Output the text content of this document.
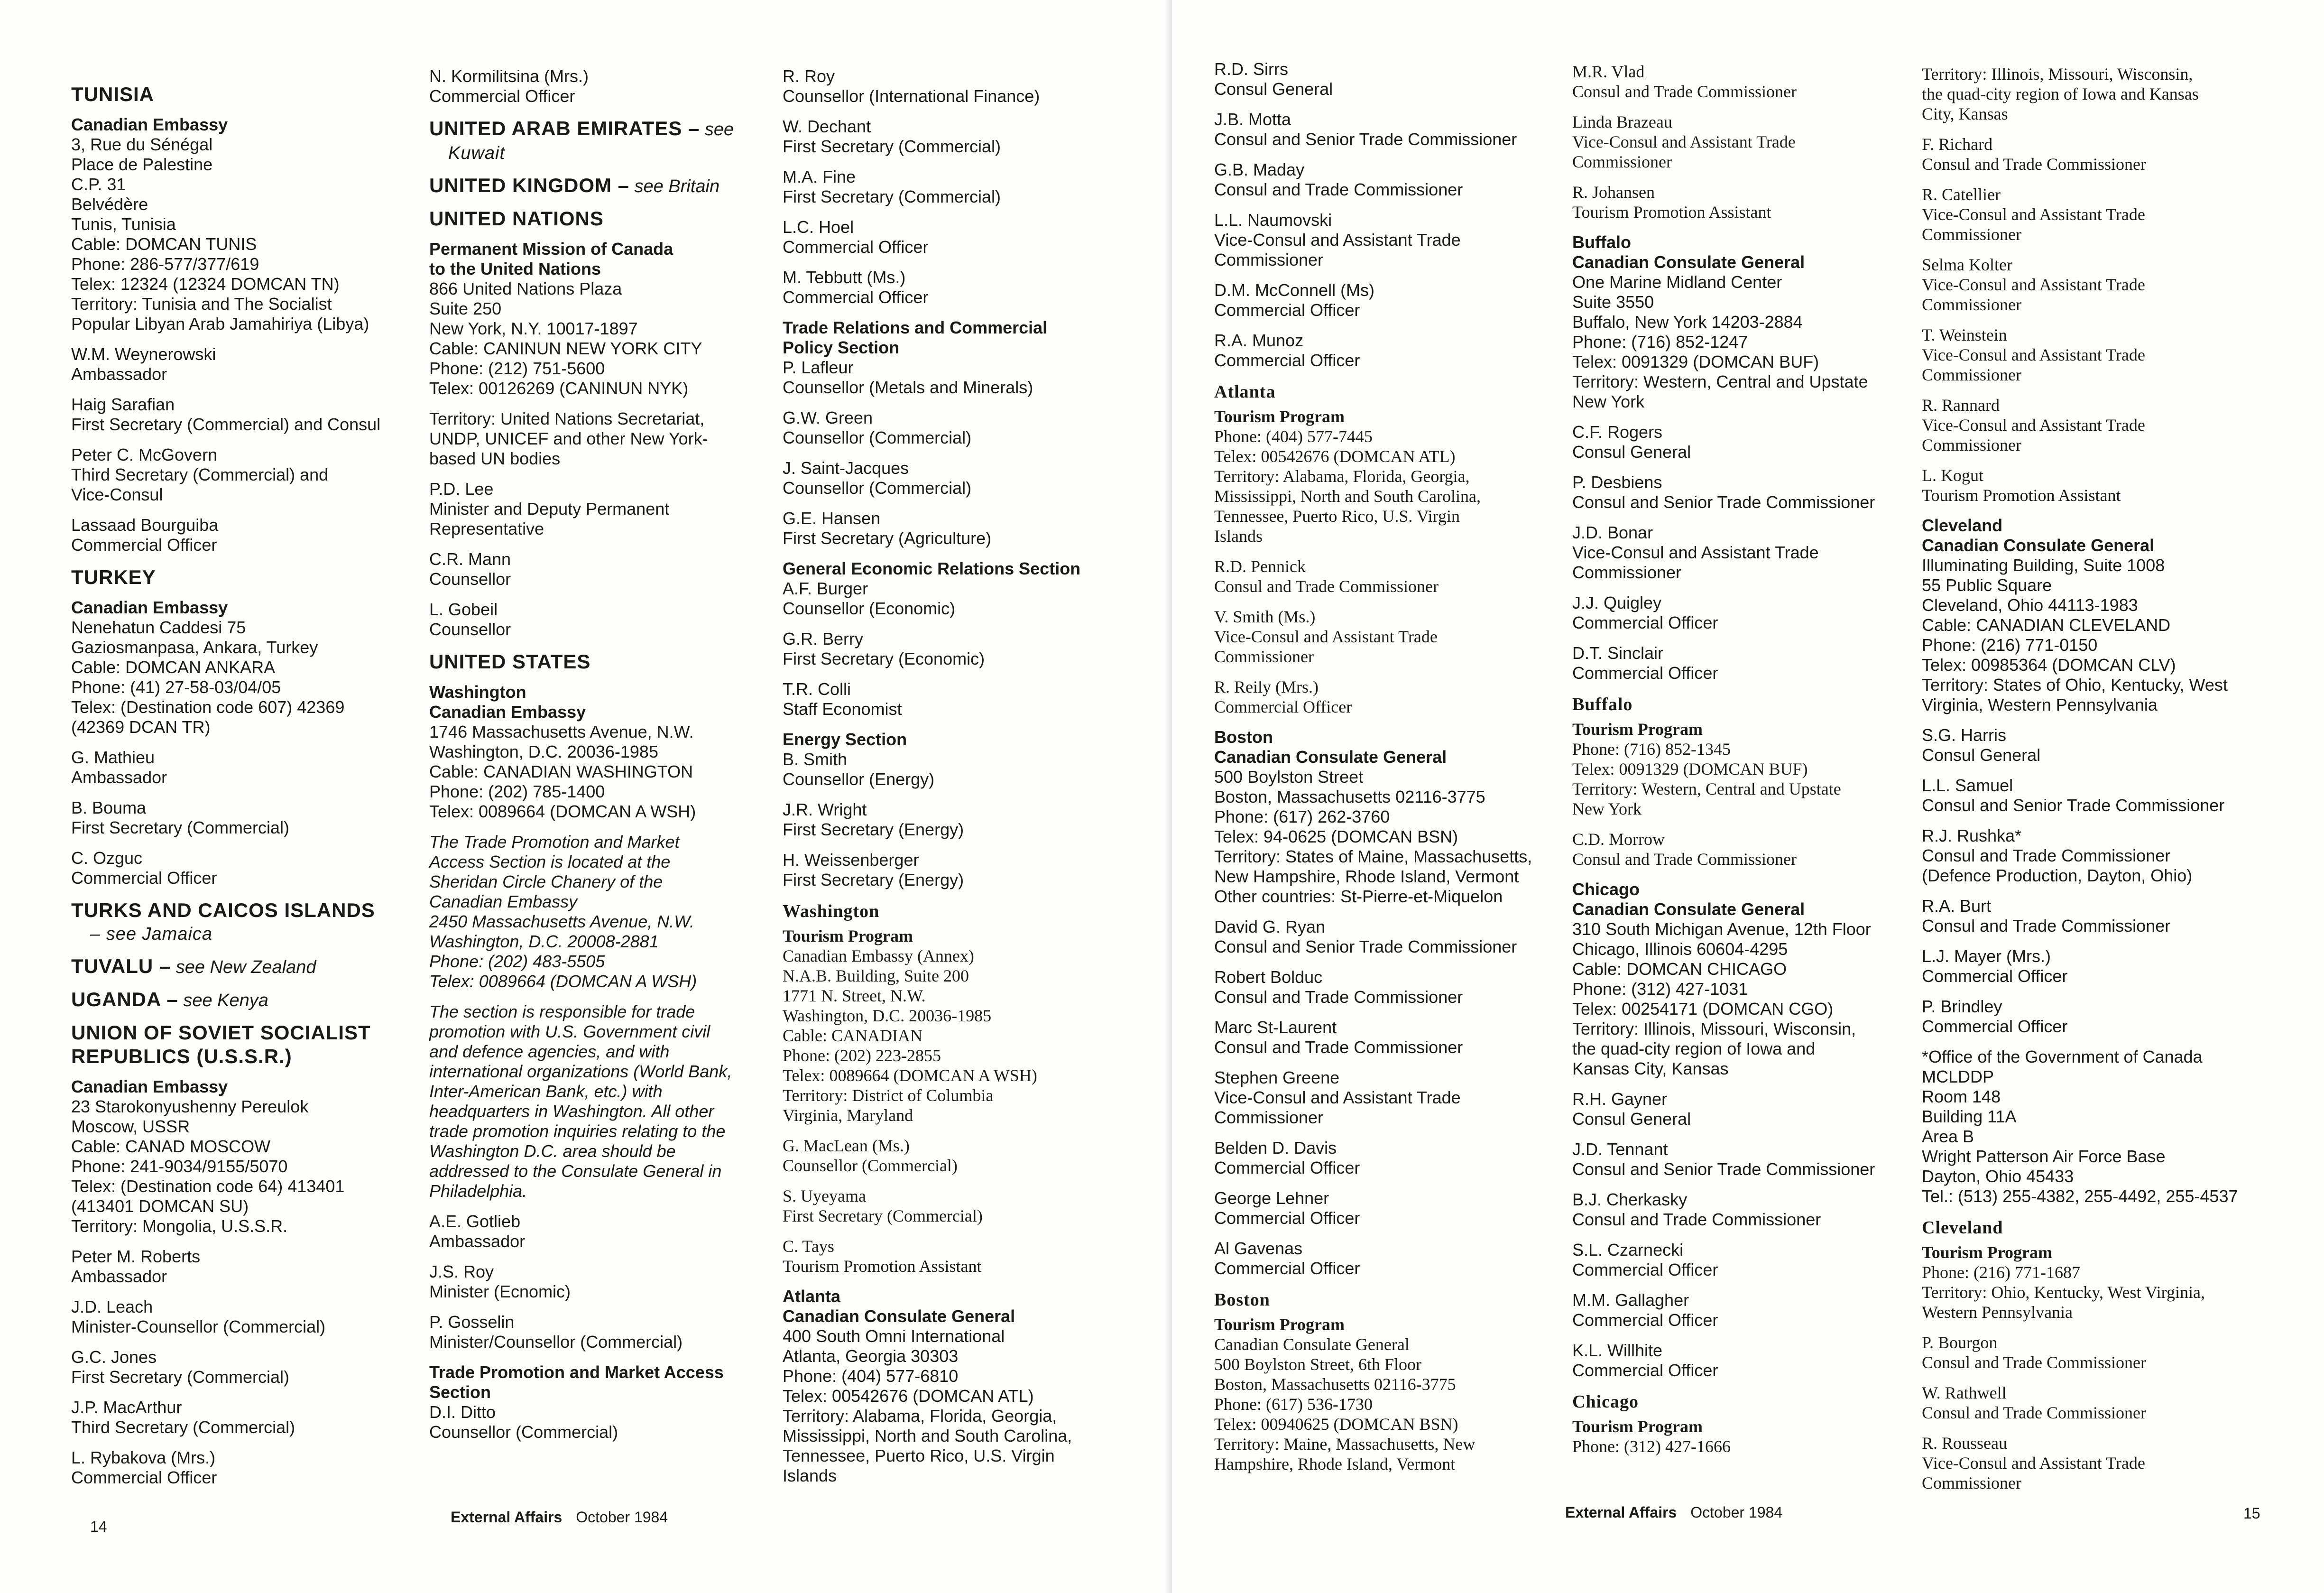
TUNISIA
Canadian Embassy
3, Rue du Sénégal
Place de Palestine
C.P. 31
Belvédère
Tunis, Tunisia
Cable: DOMCAN TUNIS
Phone: 286-577/377/619
Telex: 12324 (12324 DOMCAN TN)
Territory: Tunisia and The Socialist
Popular Libyan Arab Jamahiriya (Libya)
W.M. Weynerowski
Ambassador
Haig Sarafian
First Secretary (Commercial) and Consul
Peter C. McGovern
Third Secretary (Commercial) and
Vice-Consul
Lassaad Bourguiba
Commercial Officer
TURKEY
Canadian Embassy
Nenehatun Caddesi 75
Gaziosmanpasa, Ankara, Turkey
Cable: DOMCAN ANKARA
Phone: (41) 27-58-03/04/05
Telex: (Destination code 607) 42369
(42369 DCAN TR)
G. Mathieu
Ambassador
B. Bouma
First Secretary (Commercial)
C. Ozguc
Commercial Officer
TURKS AND CAICOS ISLANDS
– see Jamaica
TUVALU – see New Zealand
UGANDA – see Kenya
UNION OF SOVIET SOCIALIST
REPUBLICS (U.S.S.R.)
Canadian Embassy
23 Starokonyushenny Pereulok
Moscow, USSR
Cable: CANAD MOSCOW
Phone: 241-9034/9155/5070
Telex: (Destination code 64) 413401
(413401 DOMCAN SU)
Territory: Mongolia, U.S.S.R.
Peter M. Roberts
Ambassador
J.D. Leach
Minister-Counsellor (Commercial)
G.C. Jones
First Secretary (Commercial)
J.P. MacArthur
Third Secretary (Commercial)
L. Rybakova (Mrs.)
Commercial Officer
N. Kormilitsina (Mrs.)
Commercial Officer
UNITED ARAB EMIRATES – see
Kuwait
UNITED KINGDOM – see Britain
UNITED NATIONS
Permanent Mission of Canada
to the United Nations
866 United Nations Plaza
Suite 250
New York, N.Y. 10017-1897
Cable: CANINUN NEW YORK CITY
Phone: (212) 751-5600
Telex: 00126269 (CANINUN NYK)
Territory: United Nations Secretariat,
UNDP, UNICEF and other New York-
based UN bodies
P.D. Lee
Minister and Deputy Permanent
Representative
C.R. Mann
Counsellor
L. Gobeil
Counsellor
UNITED STATES
Washington
Canadian Embassy
1746 Massachusetts Avenue, N.W.
Washington, D.C. 20036-1985
Cable: CANADIAN WASHINGTON
Phone: (202) 785-1400
Telex: 0089664 (DOMCAN A WSH)
The Trade Promotion and Market
Access Section is located at the
Sheridan Circle Chanery of the
Canadian Embassy
2450 Massachusetts Avenue, N.W.
Washington, D.C. 20008-2881
Phone: (202) 483-5505
Telex: 0089664 (DOMCAN A WSH)
The section is responsible for trade
promotion with U.S. Government civil
and defence agencies, and with
international organizations (World Bank,
Inter-American Bank, etc.) with
headquarters in Washington. All other
trade promotion inquiries relating to the
Washington D.C. area should be
addressed to the Consulate General in
Philadelphia.
A.E. Gotlieb
Ambassador
J.S. Roy
Minister (Ecnomic)
P. Gosselin
Minister/Counsellor (Commercial)
Trade Promotion and Market Access
Section
D.I. Ditto
Counsellor (Commercial)
R. Roy
Counsellor (International Finance)
W. Dechant
First Secretary (Commercial)
M.A. Fine
First Secretary (Commercial)
L.C. Hoel
Commercial Officer
M. Tebbutt (Ms.)
Commercial Officer
Trade Relations and Commercial
Policy Section
P. Lafleur
Counsellor (Metals and Minerals)
G.W. Green
Counsellor (Commercial)
J. Saint-Jacques
Counsellor (Commercial)
G.E. Hansen
First Secretary (Agriculture)
General Economic Relations Section
A.F. Burger
Counsellor (Economic)
G.R. Berry
First Secretary (Economic)
T.R. Colli
Staff Economist
Energy Section
B. Smith
Counsellor (Energy)
J.R. Wright
First Secretary (Energy)
H. Weissenberger
First Secretary (Energy)
Washington
Tourism Program
Canadian Embassy (Annex)
N.A.B. Building, Suite 200
1771 N. Street, N.W.
Washington, D.C. 20036-1985
Cable: CANADIAN
Phone: (202) 223-2855
Telex: 0089664 (DOMCAN A WSH)
Territory: District of Columbia
Virginia, Maryland
G. MacLean (Ms.)
Counsellor (Commercial)
S. Uyeyama
First Secretary (Commercial)
C. Tays
Tourism Promotion Assistant
Atlanta
Canadian Consulate General
400 South Omni International
Atlanta, Georgia 30303
Phone: (404) 577-6810
Telex: 00542676 (DOMCAN ATL)
Territory: Alabama, Florida, Georgia,
Mississippi, North and South Carolina,
Tennessee, Puerto Rico, U.S. Virgin
Islands
14
External Affairs October 1984
R.D. Sirrs
Consul General
J.B. Motta
Consul and Senior Trade Commissioner
G.B. Maday
Consul and Trade Commissioner
L.L. Naumovski
Vice-Consul and Assistant Trade
Commissioner
D.M. McConnell (Ms)
Commercial Officer
R.A. Munoz
Commercial Officer
Atlanta
Tourism Program
Phone: (404) 577-7445
Telex: 00542676 (DOMCAN ATL)
Territory: Alabama, Florida, Georgia,
Mississippi, North and South Carolina,
Tennessee, Puerto Rico, U.S. Virgin
Islands
R.D. Pennick
Consul and Trade Commissioner
V. Smith (Ms.)
Vice-Consul and Assistant Trade
Commissioner
R. Reily (Mrs.)
Commercial Officer
Boston
Canadian Consulate General
500 Boylston Street
Boston, Massachusetts 02116-3775
Phone: (617) 262-3760
Telex: 94-0625 (DOMCAN BSN)
Territory: States of Maine, Massachusetts,
New Hampshire, Rhode Island, Vermont
Other countries: St-Pierre-et-Miquelon
David G. Ryan
Consul and Senior Trade Commissioner
Robert Bolduc
Consul and Trade Commissioner
Marc St-Laurent
Consul and Trade Commissioner
Stephen Greene
Vice-Consul and Assistant Trade
Commissioner
Belden D. Davis
Commercial Officer
George Lehner
Commercial Officer
Al Gavenas
Commercial Officer
Boston
Tourism Program
Canadian Consulate General
500 Boylston Street, 6th Floor
Boston, Massachusetts 02116-3775
Phone: (617) 536-1730
Telex: 00940625 (DOMCAN BSN)
Territory: Maine, Massachusetts, New
Hampshire, Rhode Island, Vermont
M.R. Vlad
Consul and Trade Commissioner
Linda Brazeau
Vice-Consul and Assistant Trade
Commissioner
R. Johansen
Tourism Promotion Assistant
Buffalo
Canadian Consulate General
One Marine Midland Center
Suite 3550
Buffalo, New York 14203-2884
Phone: (716) 852-1247
Telex: 0091329 (DOMCAN BUF)
Territory: Western, Central and Upstate
New York
C.F. Rogers
Consul General
P. Desbiens
Consul and Senior Trade Commissioner
J.D. Bonar
Vice-Consul and Assistant Trade
Commissioner
J.J. Quigley
Commercial Officer
D.T. Sinclair
Commercial Officer
Buffalo
Tourism Program
Phone: (716) 852-1345
Telex: 0091329 (DOMCAN BUF)
Territory: Western, Central and Upstate
New York
C.D. Morrow
Consul and Trade Commissioner
Chicago
Canadian Consulate General
310 South Michigan Avenue, 12th Floor
Chicago, Illinois 60604-4295
Cable: DOMCAN CHICAGO
Phone: (312) 427-1031
Telex: 00254171 (DOMCAN CGO)
Territory: Illinois, Missouri, Wisconsin,
the quad-city region of Iowa and
Kansas City, Kansas
R.H. Gayner
Consul General
J.D. Tennant
Consul and Senior Trade Commissioner
B.J. Cherkasky
Consul and Trade Commissioner
S.L. Czarnecki
Commercial Officer
M.M. Gallagher
Commercial Officer
K.L. Willhite
Commercial Officer
Chicago
Tourism Program
Phone: (312) 427-1666
Territory: Illinois, Missouri, Wisconsin,
the quad-city region of Iowa and Kansas
City, Kansas
F. Richard
Consul and Trade Commissioner
R. Catellier
Vice-Consul and Assistant Trade
Commissioner
Selma Kolter
Vice-Consul and Assistant Trade
Commissioner
T. Weinstein
Vice-Consul and Assistant Trade
Commissioner
R. Rannard
Vice-Consul and Assistant Trade
Commissioner
L. Kogut
Tourism Promotion Assistant
Cleveland
Canadian Consulate General
Illuminating Building, Suite 1008
55 Public Square
Cleveland, Ohio 44113-1983
Cable: CANADIAN CLEVELAND
Phone: (216) 771-0150
Telex: 00985364 (DOMCAN CLV)
Territory: States of Ohio, Kentucky, West
Virginia, Western Pennsylvania
S.G. Harris
Consul General
L.L. Samuel
Consul and Senior Trade Commissioner
R.J. Rushka*
Consul and Trade Commissioner
(Defence Production, Dayton, Ohio)
R.A. Burt
Consul and Trade Commissioner
L.J. Mayer (Mrs.)
Commercial Officer
P. Brindley
Commercial Officer
*Office of the Government of Canada
MCLDDP
Room 148
Building 11A
Area B
Wright Patterson Air Force Base
Dayton, Ohio 45433
Tel.: (513) 255-4382, 255-4492, 255-4537
Cleveland
Tourism Program
Phone: (216) 771-1687
Territory: Ohio, Kentucky, West Virginia,
Western Pennsylvania
P. Bourgon
Consul and Trade Commissioner
W. Rathwell
Consul and Trade Commissioner
R. Rousseau
Vice-Consul and Assistant Trade
Commissioner
External Affairs October 1984	15
